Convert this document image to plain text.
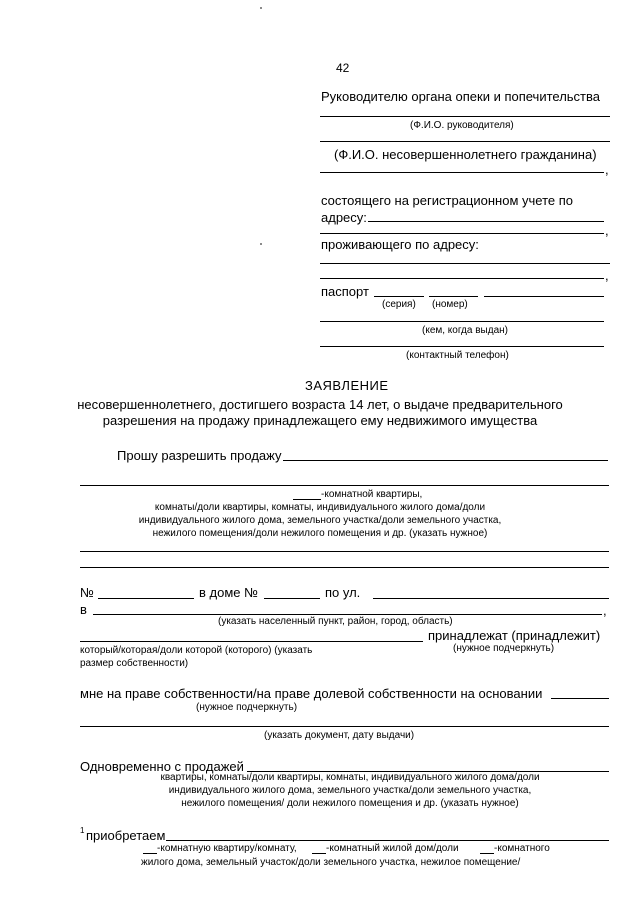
42
Руководителю органа опеки и попечительства
(Ф.И.О. руководителя)
(Ф.И.О. несовершеннолетнего гражданина)
,
состоящего на регистрационном учете по
адресу:
,
проживающего по адресу:
,
паспорт
(серия) (номер)
(кем, когда выдан)
(контактный телефон)
ЗАЯВЛЕНИЕ
несовершеннолетнего, достигшего возраста 14 лет, о выдаче предварительного
разрешения на продажу принадлежащего ему недвижимого имущества
Прошу разрешить продажу
-комнатной квартиры,
комнаты/доли квартиры, комнаты, индивидуального жилого дома/доли
индивидуального жилого дома, земельного участка/доли земельного участка,
нежилого помещения/доли нежилого помещения и др. (указать нужное)
№	в доме №	по ул.
в	,
(указать населенный пункт, район, город, область)
принадлежат (принадлежит)
который/которая/доли которой (которого) (указать
размер собственности)
(нужное подчеркнуть)
мне на праве собственности/на праве долевой собственности на основании
(нужное подчеркнуть)
(указать документ, дату выдачи)
Одновременно с продажей
квартиры, комнаты/доли квартиры, комнаты, индивидуального жилого дома/доли
индивидуального жилого дома, земельного участка/доли земельного участка,
нежилого помещения/ доли нежилого помещения и др. (указать нужное)
1 приобретаем
-комнатную квартиру/комнату,	-комнатный жилой дом/доли	-комнатного
жилого дома, земельный участок/доли земельного участка, нежилое помещение/
